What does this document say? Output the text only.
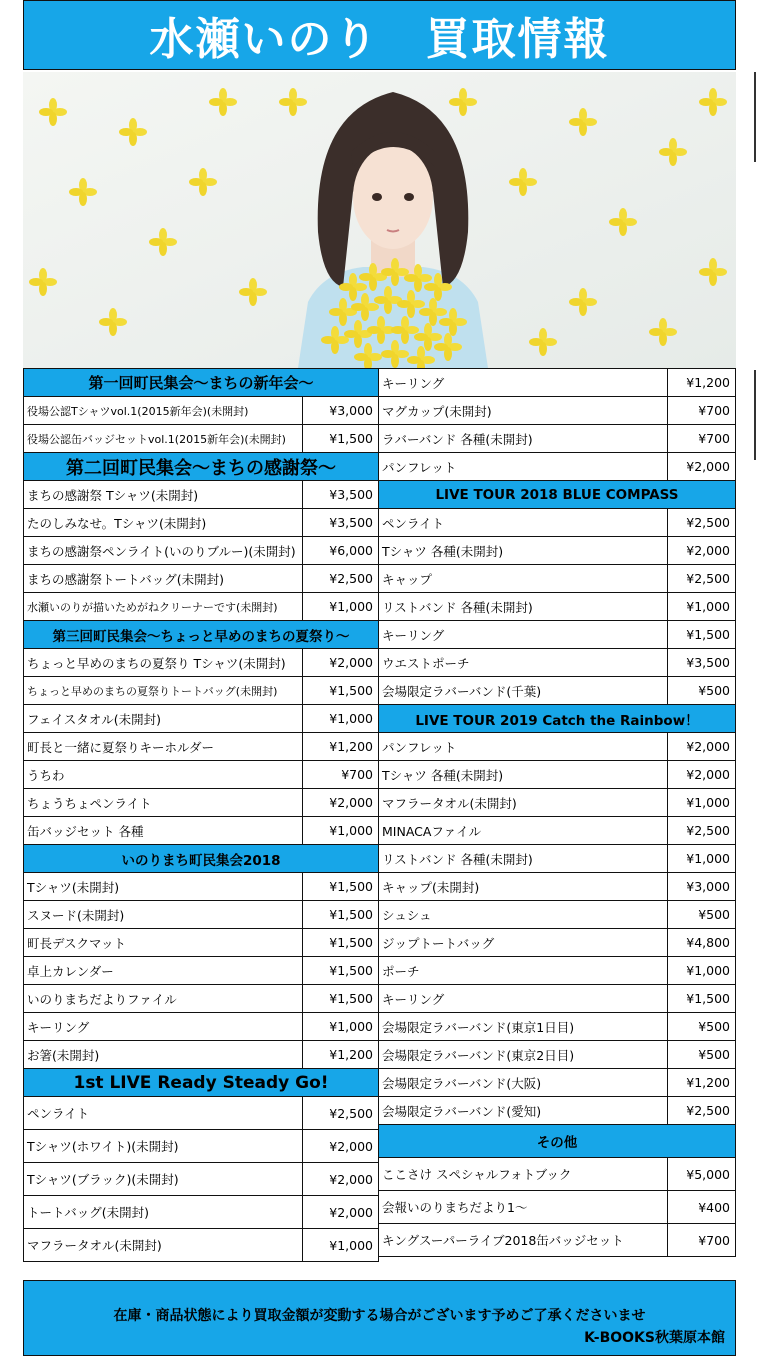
水瀬いのり　買取情報
第一回町民集会～まちの新年会～
役場公認Tシャツvol.1(2015新年会)(未開封)	¥3,000
役場公認缶バッジセットvol.1(2015新年会)(未開封)	¥1,500
第二回町民集会～まちの感謝祭～
まちの感謝祭 Tシャツ(未開封)	¥3,500
たのしみなせ。Tシャツ(未開封)	¥3,500
まちの感謝祭ペンライト(いのりブルー)(未開封)	¥6,000
まちの感謝祭トートバッグ(未開封)	¥2,500
水瀬いのりが描いためがねクリーナーです(未開封)	¥1,000
第三回町民集会～ちょっと早めのまちの夏祭り～
ちょっと早めのまちの夏祭り Tシャツ(未開封)	¥2,000
ちょっと早めのまちの夏祭りトートバッグ(未開封)	¥1,500
フェイスタオル(未開封)	¥1,000
町長と一緒に夏祭りキーホルダー	¥1,200
うちわ	¥700
ちょうちょペンライト	¥2,000
缶バッジセット 各種	¥1,000
いのりまち町民集会2018
Tシャツ(未開封)	¥1,500
スヌード(未開封)	¥1,500
町長デスクマット	¥1,500
卓上カレンダー	¥1,500
いのりまちだよりファイル	¥1,500
キーリング	¥1,000
お箸(未開封)	¥1,200
1st LIVE Ready Steady Go!
ペンライト	¥2,500
Tシャツ(ホワイト)(未開封)	¥2,000
Tシャツ(ブラック)(未開封)	¥2,000
トートバッグ(未開封)	¥2,000
マフラータオル(未開封)	¥1,000
キーリング	¥1,200
マグカップ(未開封)	¥700
ラバーバンド 各種(未開封)	¥700
パンフレット	¥2,000
LIVE TOUR 2018 BLUE COMPASS
ペンライト	¥2,500
Tシャツ 各種(未開封)	¥2,000
キャップ	¥2,500
リストバンド 各種(未開封)	¥1,000
キーリング	¥1,500
ウエストポーチ	¥3,500
会場限定ラバーバンド(千葉)	¥500
LIVE TOUR 2019 Catch the Rainbow！
パンフレット	¥2,000
Tシャツ 各種(未開封)	¥2,000
マフラータオル(未開封)	¥1,000
MINACAファイル	¥2,500
リストバンド 各種(未開封)	¥1,000
キャップ(未開封)	¥3,000
シュシュ	¥500
ジップトートバッグ	¥4,800
ポーチ	¥1,000
キーリング	¥1,500
会場限定ラバーバンド(東京1日目)	¥500
会場限定ラバーバンド(東京2日目)	¥500
会場限定ラバーバンド(大阪)	¥1,200
会場限定ラバーバンド(愛知)	¥2,500
その他
ここさけ スペシャルフォトブック	¥5,000
会報いのりまちだより1～	¥400
キングスーパーライブ2018缶バッジセット	¥700
在庫・商品状態により買取金額が変動する場合がございます予めご了承くださいませ
K-BOOKS秋葉原本館
